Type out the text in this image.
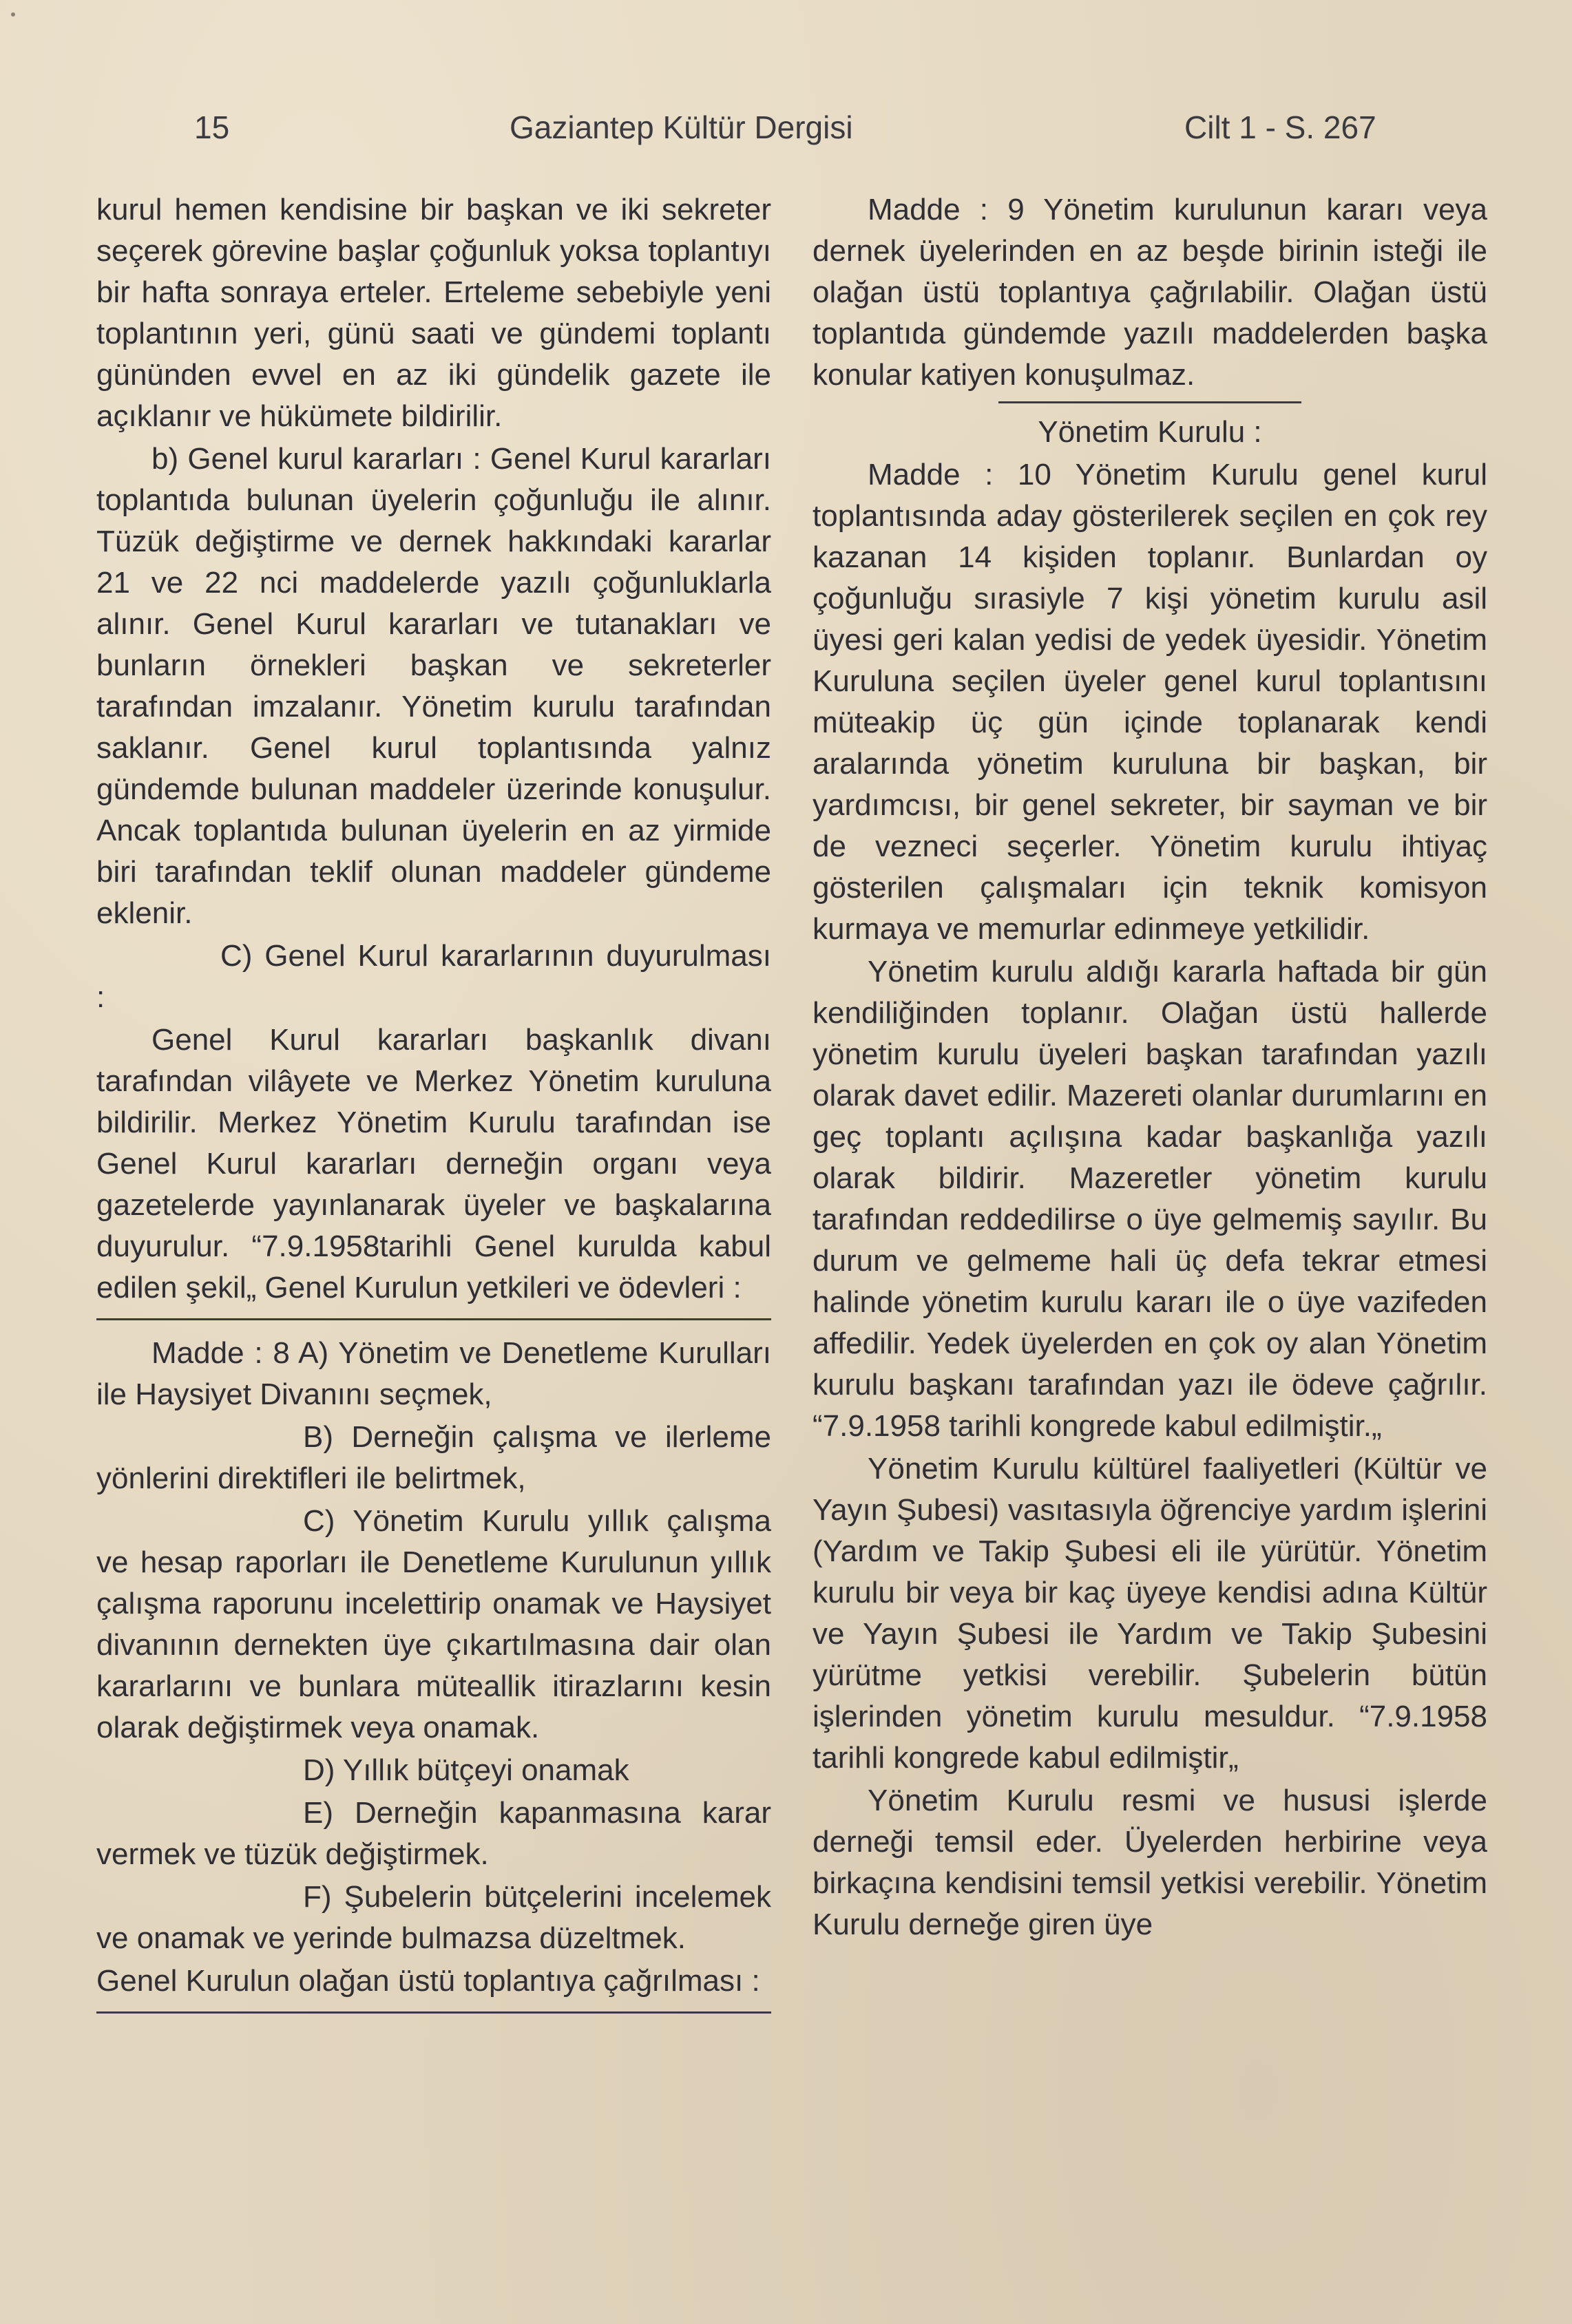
15	Gaziantep Kültür Dergisi	Cilt 1 - S. 267

kurul hemen kendisine bir başkan ve iki sekreter seçerek görevine başlar çoğunluk yoksa toplantıyı bir hafta sonraya erteler. Erteleme sebebiyle yeni toplantının yeri, günü saati ve gündemi toplantı gününden evvel en az iki gündelik gazete ile açıklanır ve hükümete bildirilir.

b) Genel kurul kararları : Genel Kurul kararları toplantıda bulunan üyelerin çoğunluğu ile alınır. Tüzük değiştirme ve dernek hakkındaki kararlar 21 ve 22 nci maddelerde yazılı çoğunluklarla alınır. Genel Kurul kararları ve tutanakları ve bunların örnekleri başkan ve sekreterler tarafından imzalanır. Yönetim kurulu tarafından saklanır. Genel kurul toplantısında yalnız gündemde bulunan maddeler üzerinde konuşulur. Ancak toplantıda bulunan üyelerin en az yirmide biri tarafından teklif olunan maddeler gündeme eklenir.

C) Genel Kurul kararlarının duyurulması :

Genel Kurul kararları başkanlık divanı tarafından vilâyete ve Merkez Yönetim kuruluna bildirilir. Merkez Yönetim Kurulu tarafından ise Genel Kurul kararları derneğin organı veya gazetelerde yayınlanarak üyeler ve başkalarına duyurulur. “7.9.1958tarihli Genel kurulda kabul edilen şekil„ Genel Kurulun yetkileri ve ödevleri :

Madde : 8 A) Yönetim ve Denetleme Kurulları ile Haysiyet Divanını seçmek,

B) Derneğin çalışma ve ilerleme yönlerini direktifleri ile belirtmek,

C) Yönetim Kurulu yıllık çalışma ve hesap raporları ile Denetleme Kurulunun yıllık çalışma raporunu incelettirip onamak ve Haysiyet divanının dernekten üye çıkartılmasına dair olan kararlarını ve bunlara müteallik itirazlarını kesin olarak değiştirmek veya onamak.

D) Yıllık bütçeyi onamak

E) Derneğin kapanmasına karar vermek ve tüzük değiştirmek.

F) Şubelerin bütçelerini incelemek ve onamak ve yerinde bulmazsa düzeltmek.

Genel Kurulun olağan üstü toplantıya çağrılması :

Madde : 9 Yönetim kurulunun kararı veya dernek üyelerinden en az beşde birinin isteği ile olağan üstü toplantıya çağrılabilir. Olağan üstü toplantıda gündemde yazılı maddelerden başka konular katiyen konuşulmaz.

Yönetim Kurulu :

Madde : 10 Yönetim Kurulu genel kurul toplantısında aday gösterilerek seçilen en çok rey kazanan 14 kişiden toplanır. Bunlardan oy çoğunluğu sırasiyle 7 kişi yönetim kurulu asil üyesi geri kalan yedisi de yedek üyesidir. Yönetim Kuruluna seçilen üyeler genel kurul toplantısını müteakip üç gün içinde toplanarak kendi aralarında yönetim kuruluna bir başkan, bir yardımcısı, bir genel sekreter, bir sayman ve bir de vezneci seçerler. Yönetim kurulu ihtiyaç gösterilen çalışmaları için teknik komisyon kurmaya ve memurlar edinmeye yetkilidir.

Yönetim kurulu aldığı kararla haftada bir gün kendiliğinden toplanır. Olağan üstü hallerde yönetim kurulu üyeleri başkan tarafından yazılı olarak davet edilir. Mazereti olanlar durumlarını en geç toplantı açılışına kadar başkanlığa yazılı olarak bildirir. Mazeretler yönetim kurulu tarafından reddedilirse o üye gelmemiş sayılır. Bu durum ve gelmeme hali üç defa tekrar etmesi halinde yönetim kurulu kararı ile o üye vazifeden affedilir. Yedek üyelerden en çok oy alan Yönetim kurulu başkanı tarafından yazı ile ödeve çağrılır. “7.9.1958 tarihli kongrede kabul edilmiştir.„

Yönetim Kurulu kültürel faaliyetleri (Kültür ve Yayın Şubesi) vasıtasıyla öğrenciye yardım işlerini (Yardım ve Takip Şubesi eli ile yürütür. Yönetim kurulu bir veya bir kaç üyeye kendisi adına Kültür ve Yayın Şubesi ile Yardım ve Takip Şubesini yürütme yetkisi verebilir. Şubelerin bütün işlerinden yönetim kurulu mesuldur. “7.9.1958 tarihli kongrede kabul edilmiştir„

Yönetim Kurulu resmi ve hususi işlerde derneği temsil eder. Üyelerden herbirine veya birkaçına kendisini temsil yetkisi verebilir. Yönetim Kurulu derneğe giren üye
